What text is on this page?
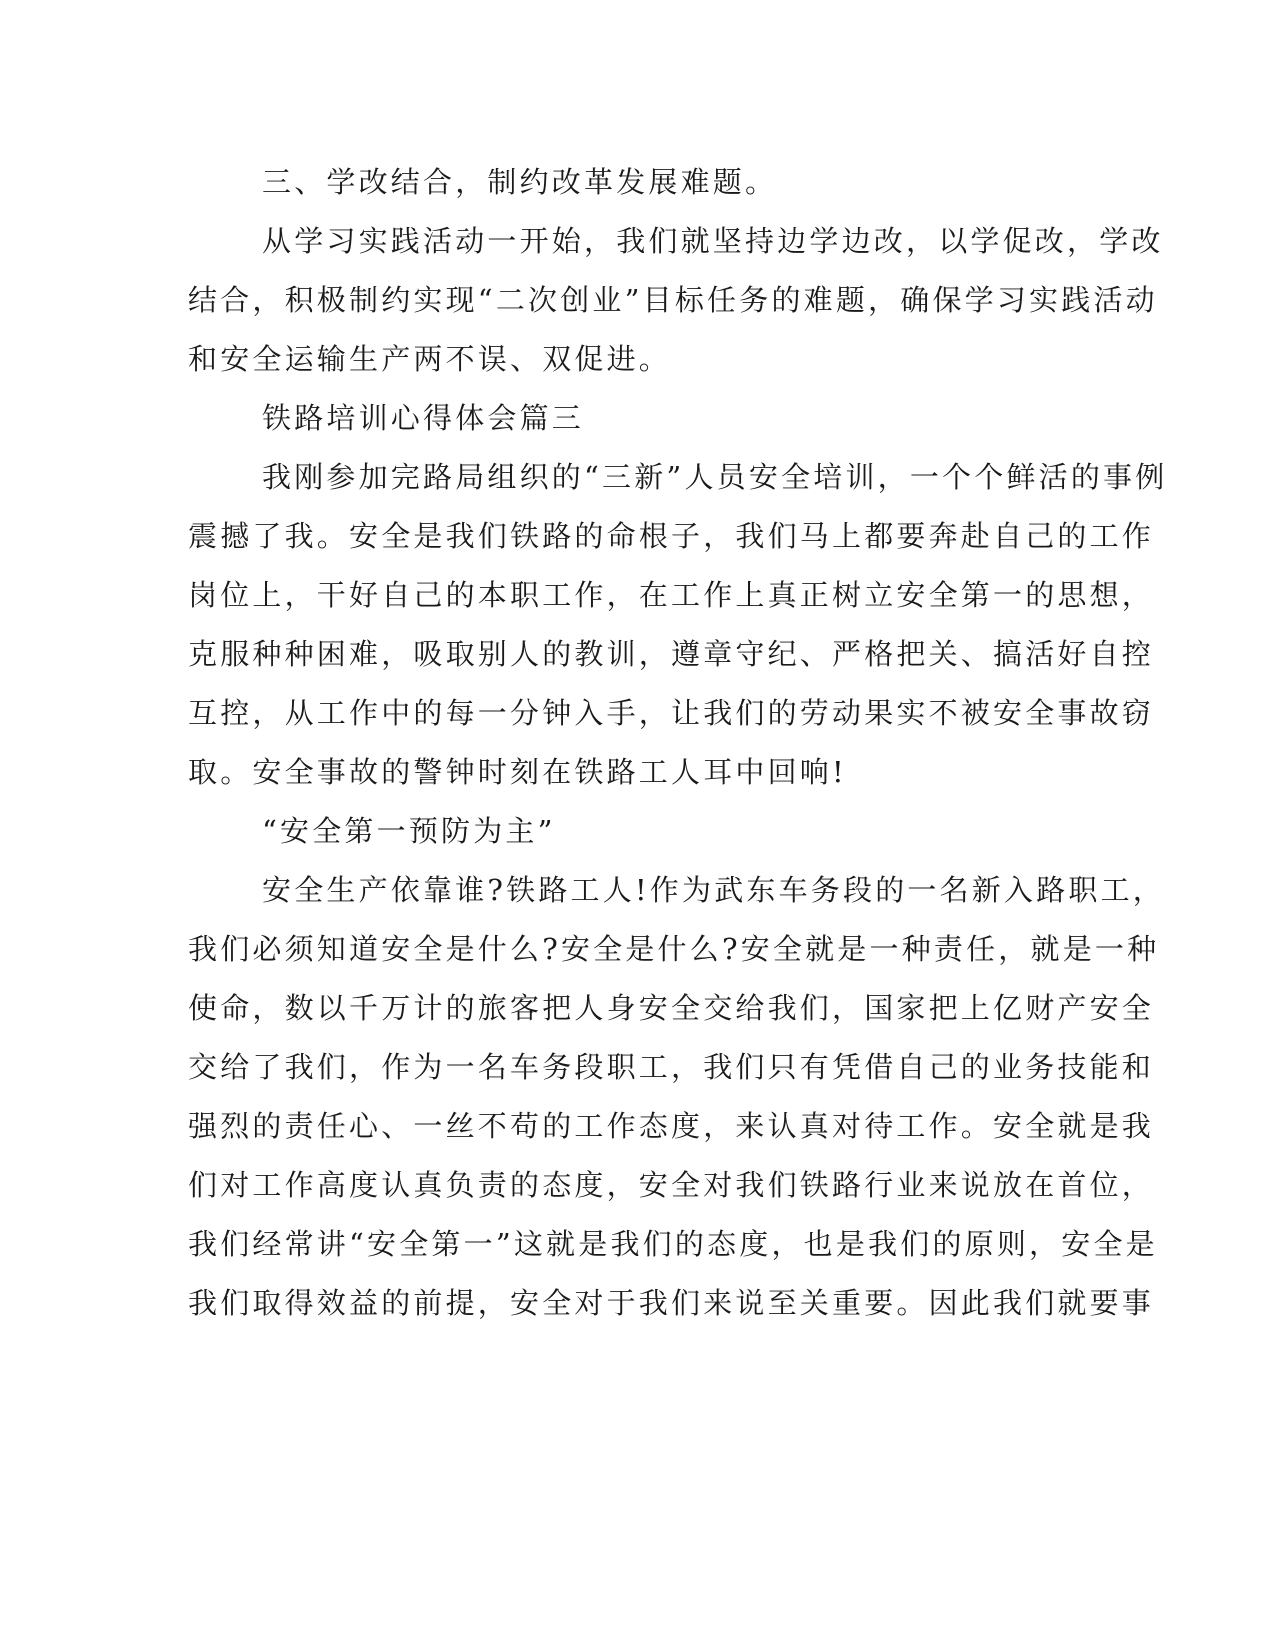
三、学改结合，制约改革发展难题。
从学习实践活动一开始，我们就坚持边学边改，以学促改，学改
结合，积极制约实现“二次创业”目标任务的难题，确保学习实践活动
和安全运输生产两不误、双促进。
铁路培训心得体会篇三
我刚参加完路局组织的“三新”人员安全培训，一个个鲜活的事例
震撼了我。安全是我们铁路的命根子，我们马上都要奔赴自己的工作
岗位上，干好自己的本职工作，在工作上真正树立安全第一的思想，
克服种种困难，吸取别人的教训，遵章守纪、严格把关、搞活好自控
互控，从工作中的每一分钟入手，让我们的劳动果实不被安全事故窃
取。安全事故的警钟时刻在铁路工人耳中回响!
“安全第一预防为主”
安全生产依靠谁?铁路工人!作为武东车务段的一名新入路职工，
我们必须知道安全是什么?安全是什么?安全就是一种责任，就是一种
使命，数以千万计的旅客把人身安全交给我们，国家把上亿财产安全
交给了我们，作为一名车务段职工，我们只有凭借自己的业务技能和
强烈的责任心、一丝不苟的工作态度，来认真对待工作。安全就是我
们对工作高度认真负责的态度，安全对我们铁路行业来说放在首位，
我们经常讲“安全第一”这就是我们的态度，也是我们的原则，安全是
我们取得效益的前提，安全对于我们来说至关重要。因此我们就要事
